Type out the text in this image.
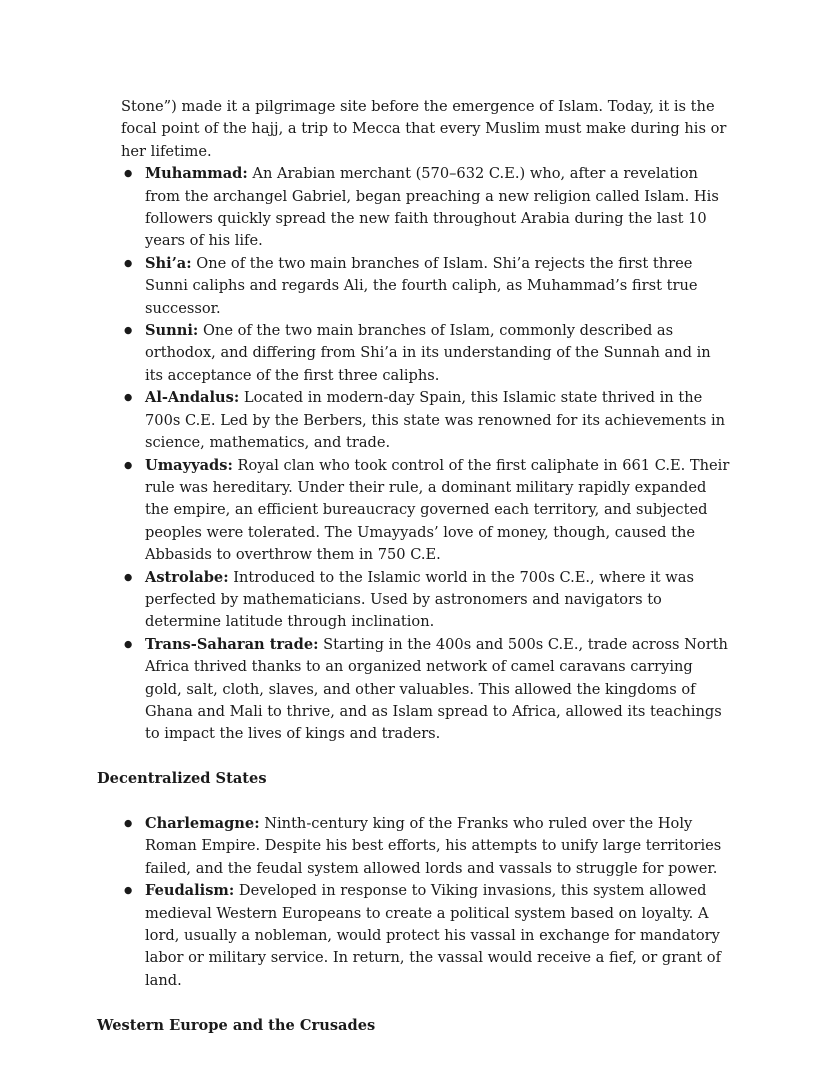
Stone”) made it a pilgrimage site before the emergence of Islam. Today, it is the focal point of the hajj, a trip to Mecca that every Muslim must make during his or her lifetime.

● Muhammad: An Arabian merchant (570–632 C.E.) who, after a revelation from the archangel Gabriel, began preaching a new religion called Islam. His followers quickly spread the new faith throughout Arabia during the last 10 years of his life.
● Shi’a: One of the two main branches of Islam. Shi’a rejects the first three Sunni caliphs and regards Ali, the fourth caliph, as Muhammad’s first true successor.
● Sunni: One of the two main branches of Islam, commonly described as orthodox, and differing from Shi’a in its understanding of the Sunnah and in its acceptance of the first three caliphs.
● Al-Andalus: Located in modern-day Spain, this Islamic state thrived in the 700s C.E. Led by the Berbers, this state was renowned for its achievements in science, mathematics, and trade.
● Umayyads: Royal clan who took control of the first caliphate in 661 C.E. Their rule was hereditary. Under their rule, a dominant military rapidly expanded the empire, an efficient bureaucracy governed each territory, and subjected peoples were tolerated. The Umayyads’ love of money, though, caused the Abbasids to overthrow them in 750 C.E.
● Astrolabe: Introduced to the Islamic world in the 700s C.E., where it was perfected by mathematicians. Used by astronomers and navigators to determine latitude through inclination.
● Trans-Saharan trade: Starting in the 400s and 500s C.E., trade across North Africa thrived thanks to an organized network of camel caravans carrying gold, salt, cloth, slaves, and other valuables. This allowed the kingdoms of Ghana and Mali to thrive, and as Islam spread to Africa, allowed its teachings to impact the lives of kings and traders.
Decentralized States
● Charlemagne: Ninth-century king of the Franks who ruled over the Holy Roman Empire. Despite his best efforts, his attempts to unify large territories failed, and the feudal system allowed lords and vassals to struggle for power.
● Feudalism: Developed in response to Viking invasions, this system allowed medieval Western Europeans to create a political system based on loyalty. A lord, usually a nobleman, would protect his vassal in exchange for mandatory labor or military service. In return, the vassal would receive a fief, or grant of land.
Western Europe and the Crusades
